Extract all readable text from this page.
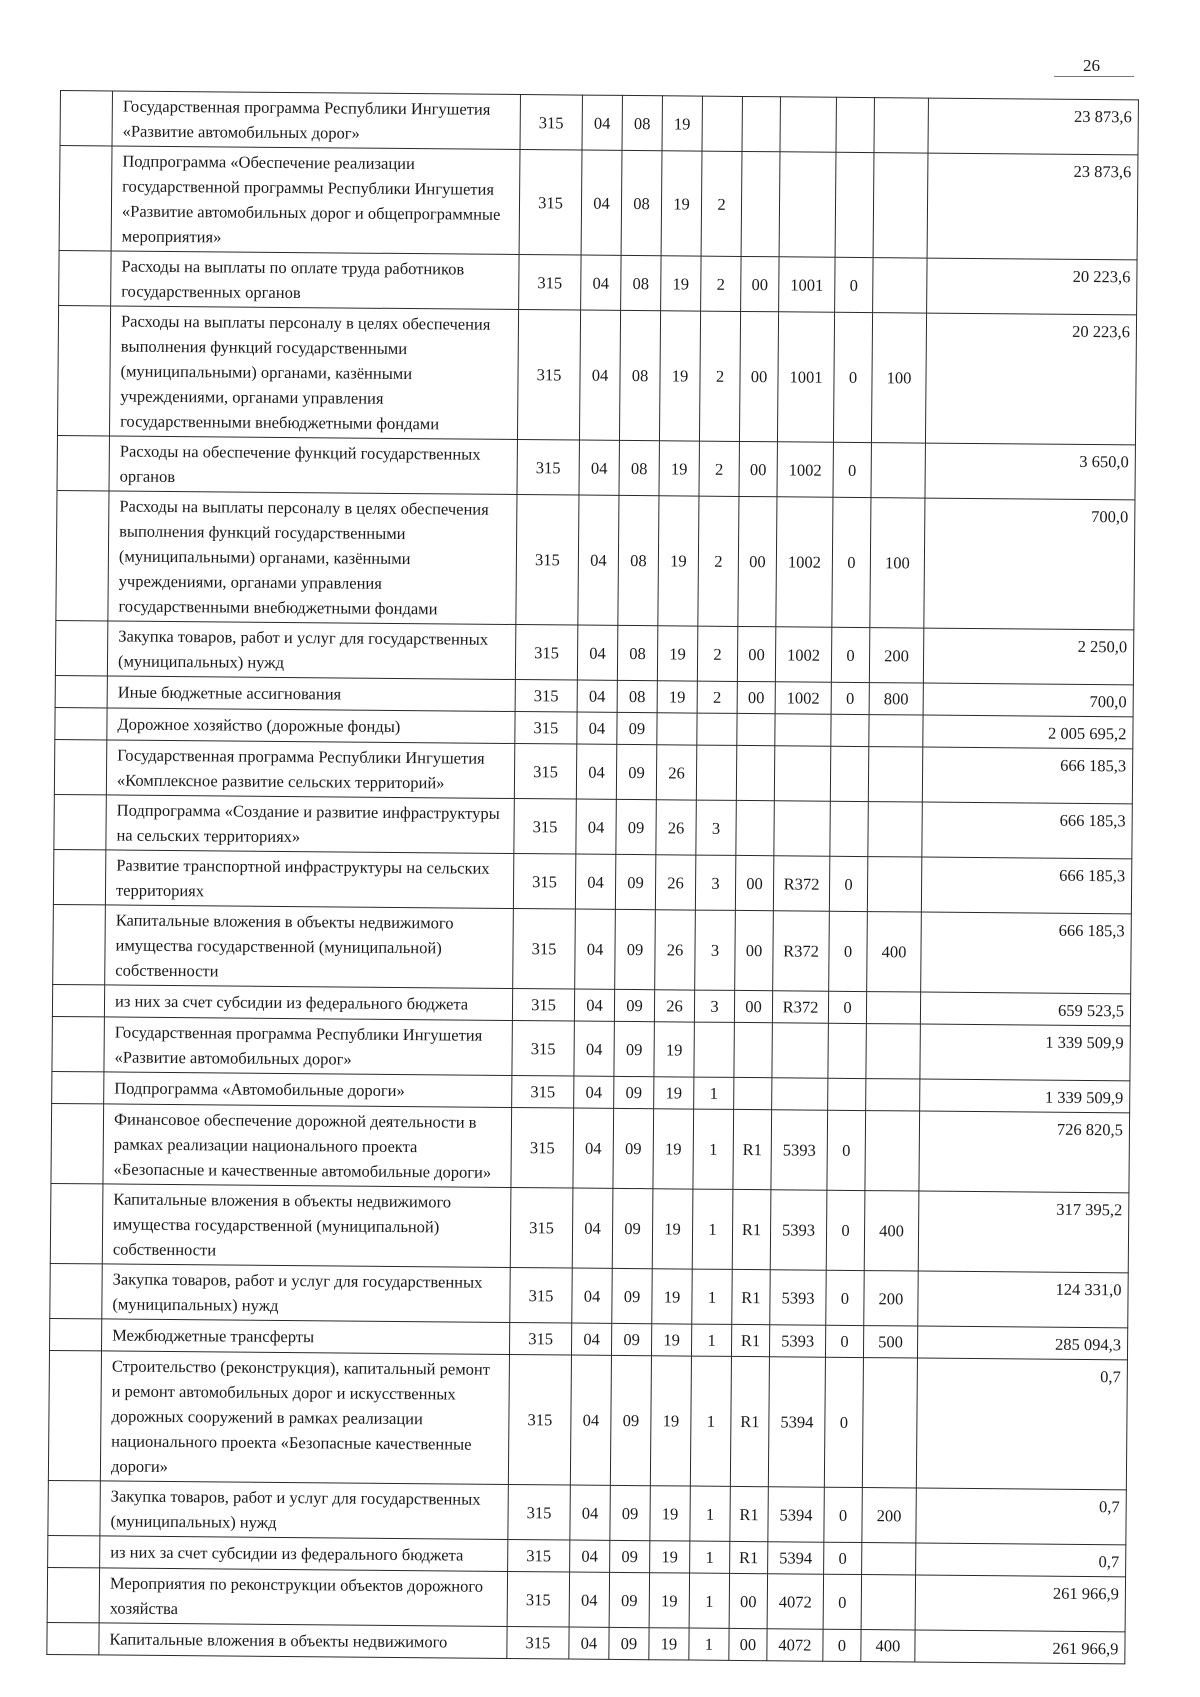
26
	Государственная программа Республики Ингушетия «Развитие автомобильных дорог»	315	04	08	19						23 873,6
	Подпрограмма «Обеспечение реализации государственной программы Республики Ингушетия «Развитие автомобильных дорог и общепрограммные мероприятия»	315	04	08	19	2					23 873,6
	Расходы на выплаты по оплате труда работников государственных органов	315	04	08	19	2	00	1001	0		20 223,6
	Расходы на выплаты персоналу в целях обеспечения выполнения функций государственными (муниципальными) органами, казёнными учреждениями, органами управления государственными внебюджетными фондами	315	04	08	19	2	00	1001	0	100	20 223,6
	Расходы на обеспечение функций государственных органов	315	04	08	19	2	00	1002	0		3 650,0
	Расходы на выплаты персоналу в целях обеспечения выполнения функций государственными (муниципальными) органами, казёнными учреждениями, органами управления государственными внебюджетными фондами	315	04	08	19	2	00	1002	0	100	700,0
	Закупка товаров, работ и услуг для государственных (муниципальных) нужд	315	04	08	19	2	00	1002	0	200	2 250,0
	Иные бюджетные ассигнования	315	04	08	19	2	00	1002	0	800	700,0
	Дорожное хозяйство (дорожные фонды)	315	04	09							2 005 695,2
	Государственная программа Республики Ингушетия «Комплексное развитие сельских территорий»	315	04	09	26						666 185,3
	Подпрограмма «Создание и развитие инфраструктуры на сельских территориях»	315	04	09	26	3					666 185,3
	Развитие транспортной инфраструктуры на сельских территориях	315	04	09	26	3	00	R372	0		666 185,3
	Капитальные вложения в объекты недвижимого имущества государственной (муниципальной) собственности	315	04	09	26	3	00	R372	0	400	666 185,3
	из них за счет субсидии из федерального бюджета	315	04	09	26	3	00	R372	0		659 523,5
	Государственная программа Республики Ингушетия «Развитие автомобильных дорог»	315	04	09	19						1 339 509,9
	Подпрограмма «Автомобильные дороги»	315	04	09	19	1					1 339 509,9
	Финансовое обеспечение дорожной деятельности в рамках реализации национального проекта «Безопасные и качественные автомобильные дороги»	315	04	09	19	1	R1	5393	0		726 820,5
	Капитальные вложения в объекты недвижимого имущества государственной (муниципальной) собственности	315	04	09	19	1	R1	5393	0	400	317 395,2
	Закупка товаров, работ и услуг для государственных (муниципальных) нужд	315	04	09	19	1	R1	5393	0	200	124 331,0
	Межбюджетные трансферты	315	04	09	19	1	R1	5393	0	500	285 094,3
	Строительство (реконструкция), капитальный ремонт и ремонт автомобильных дорог и искусственных дорожных сооружений в рамках реализации национального проекта «Безопасные качественные дороги»	315	04	09	19	1	R1	5394	0		0,7
	Закупка товаров, работ и услуг для государственных (муниципальных) нужд	315	04	09	19	1	R1	5394	0	200	0,7
	из них за счет субсидии из федерального бюджета	315	04	09	19	1	R1	5394	0		0,7
	Мероприятия по реконструкции объектов дорожного хозяйства	315	04	09	19	1	00	4072	0		261 966,9
	Капитальные вложения в объекты недвижимого	315	04	09	19	1	00	4072	0	400	261 966,9
